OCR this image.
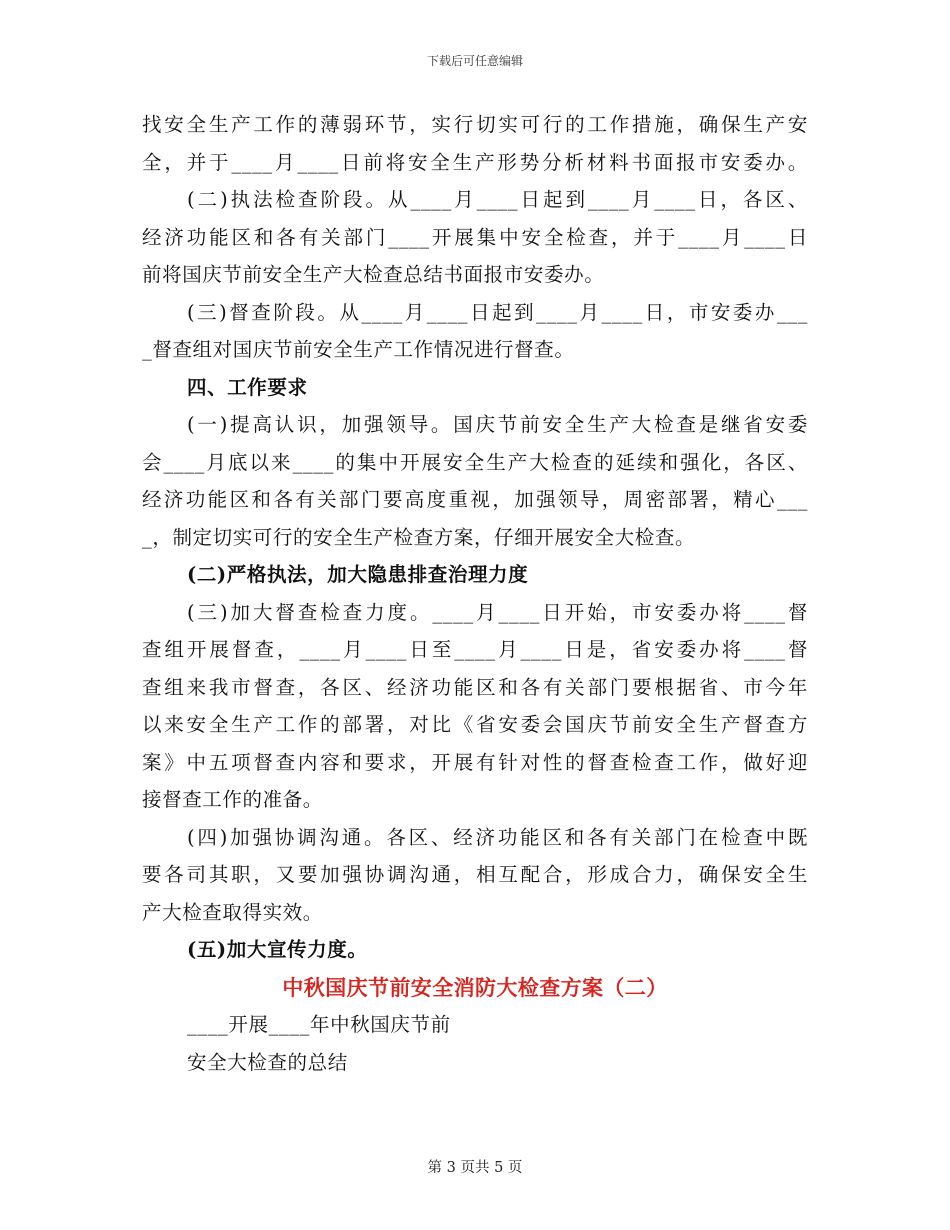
下载后可任意编辑
找安全生产工作的薄弱环节，实行切实可行的工作措施，确保生产安
全，并于____月____日前将安全生产形势分析材料书面报市安委办。
(二)执法检查阶段。从____月____日起到____月____日，各区、
经济功能区和各有关部门____开展集中安全检查，并于____月____日
前将国庆节前安全生产大检查总结书面报市安委办。
(三)督查阶段。从____月____日起到____月____日，市安委办___
_督查组对国庆节前安全生产工作情况进行督查。
四、工作要求
(一)提高认识，加强领导。国庆节前安全生产大检查是继省安委
会____月底以来____的集中开展安全生产大检查的延续和强化，各区、
经济功能区和各有关部门要高度重视，加强领导，周密部署，精心___
_，制定切实可行的安全生产检查方案，仔细开展安全大检查。
(二)严格执法，加大隐患排查治理力度
(三)加大督查检查力度。____月____日开始，市安委办将____督
查组开展督查，____月____日至____月____日是，省安委办将____督
查组来我市督查，各区、经济功能区和各有关部门要根据省、市今年
以来安全生产工作的部署，对比《省安委会国庆节前安全生产督查方
案》中五项督查内容和要求，开展有针对性的督查检查工作，做好迎
接督查工作的准备。
(四)加强协调沟通。各区、经济功能区和各有关部门在检查中既
要各司其职，又要加强协调沟通，相互配合，形成合力，确保安全生
产大检查取得实效。
(五)加大宣传力度。
中秋国庆节前安全消防大检查方案（二）
____开展____年中秋国庆节前
安全大检查的总结
第 3 页共 5 页
